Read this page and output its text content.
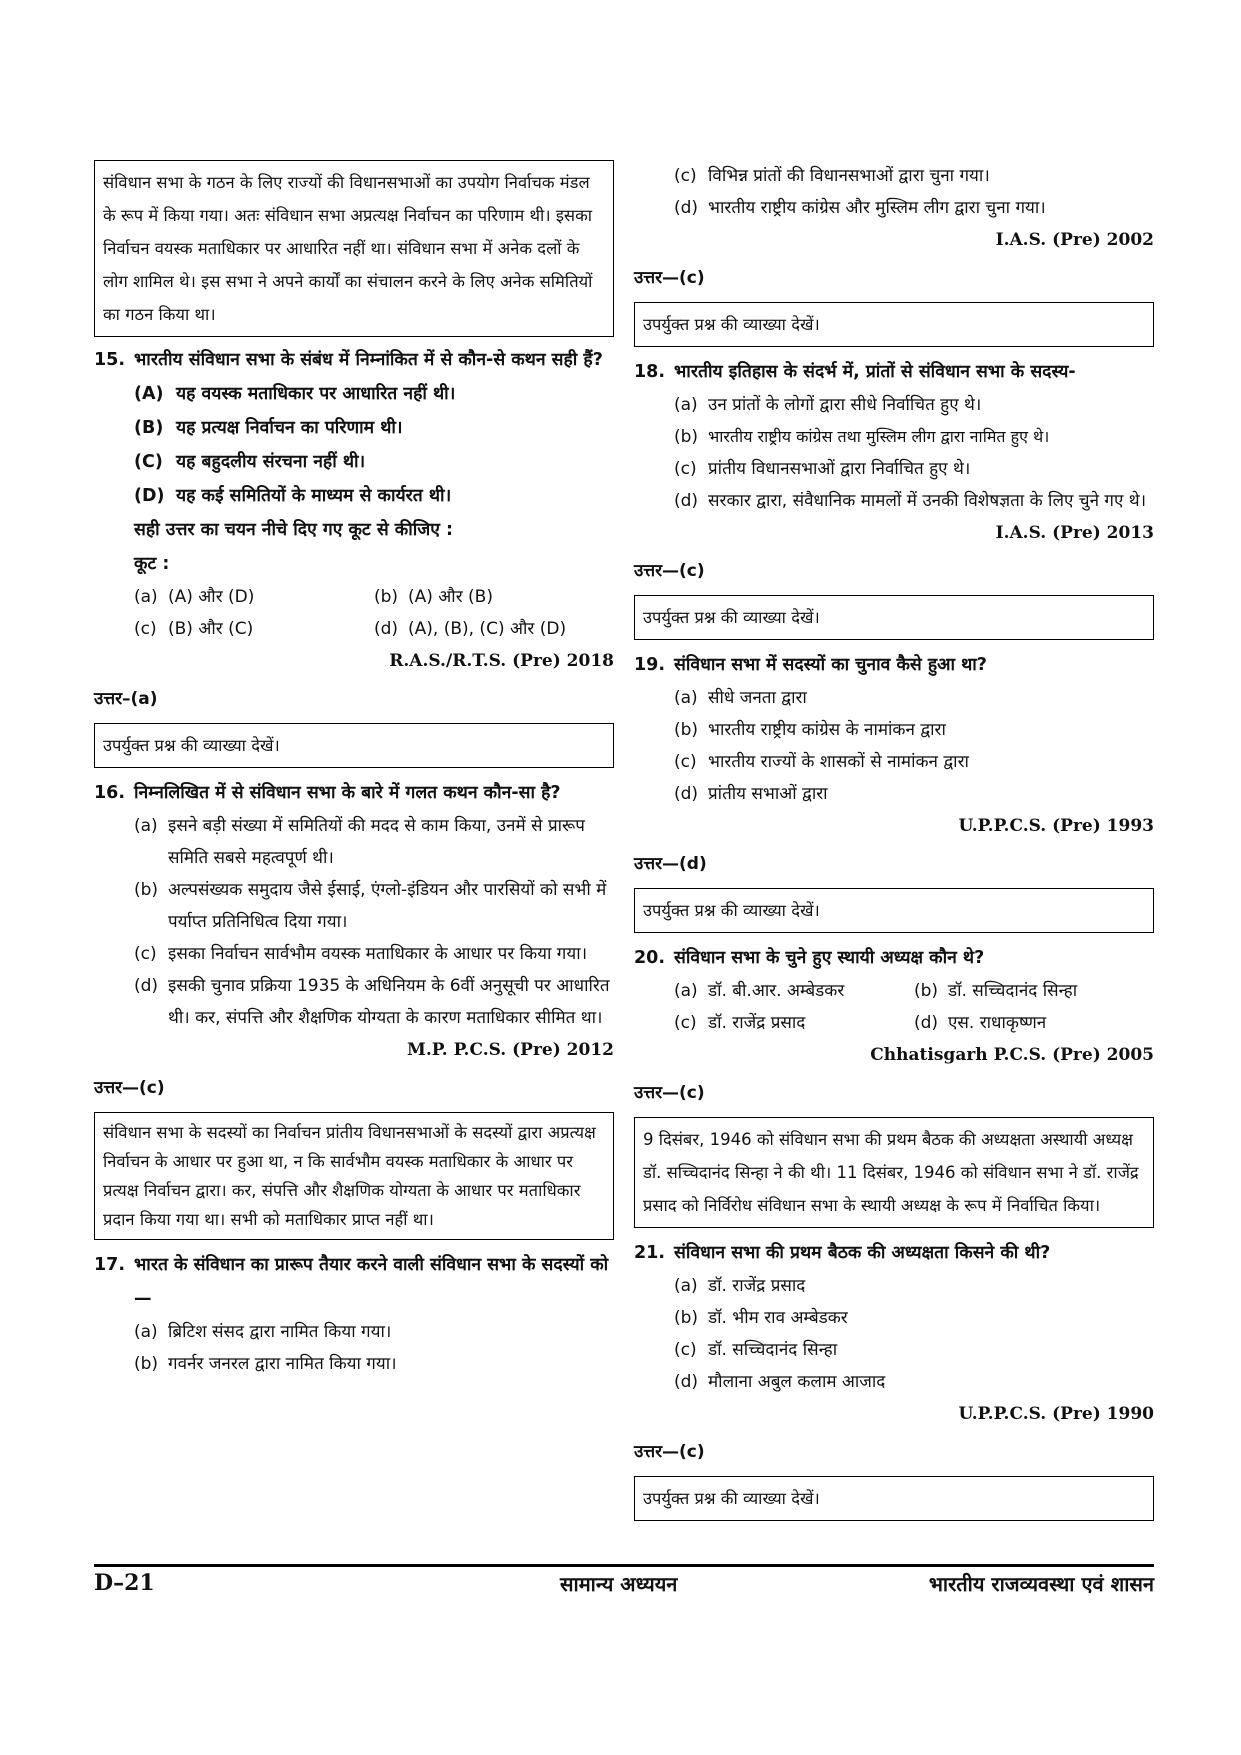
संविधान सभा के गठन के लिए राज्यों की विधानसभाओं का उपयोग निर्वाचक मंडल के रूप में किया गया। अतः संविधान सभा अप्रत्यक्ष निर्वाचन का परिणाम थी। इसका निर्वाचन वयस्क मताधिकार पर आधारित नहीं था। संविधान सभा में अनेक दलों के लोग शामिल थे। इस सभा ने अपने कार्यों का संचालन करने के लिए अनेक समितियों का गठन किया था।
15. भारतीय संविधान सभा के संबंध में निम्नांकित में से कौन-से कथन सही हैं?
(A) यह वयस्क मताधिकार पर आधारित नहीं थी।
(B) यह प्रत्यक्ष निर्वाचन का परिणाम थी।
(C) यह बहुदलीय संरचना नहीं थी।
(D) यह कई समितियों के माध्यम से कार्यरत थी।
सही उत्तर का चयन नीचे दिए गए कूट से कीजिए :
कूट :
(a) (A) और (D)	(b) (A) और (B)
(c) (B) और (C)	(d) (A), (B), (C) और (D)
R.A.S./R.T.S. (Pre) 2018
उत्तर–(a)
उपर्युक्त प्रश्न की व्याख्या देखें।
16. निम्नलिखित में से संविधान सभा के बारे में गलत कथन कौन-सा है?
(a) इसने बड़ी संख्या में समितियों की मदद से काम किया, उनमें से प्रारूप समिति सबसे महत्वपूर्ण थी।
(b) अल्पसंख्यक समुदाय जैसे ईसाई, एंग्लो-इंडियन और पारसियों को सभी में पर्याप्त प्रतिनिधित्व दिया गया।
(c) इसका निर्वाचन सार्वभौम वयस्क मताधिकार के आधार पर किया गया।
(d) इसकी चुनाव प्रक्रिया 1935 के अधिनियम के 6वीं अनुसूची पर आधारित थी। कर, संपत्ति और शैक्षणिक योग्यता के कारण मताधिकार सीमित था।
M.P. P.C.S. (Pre) 2012
उत्तर—(c)
संविधान सभा के सदस्यों का निर्वाचन प्रांतीय विधानसभाओं के सदस्यों द्वारा अप्रत्यक्ष निर्वाचन के आधार पर हुआ था, न कि सार्वभौम वयस्क मताधिकार के आधार पर प्रत्यक्ष निर्वाचन द्वारा। कर, संपत्ति और शैक्षणिक योग्यता के आधार पर मताधिकार प्रदान किया गया था। सभी को मताधिकार प्राप्त नहीं था।
17. भारत के संविधान का प्रारूप तैयार करने वाली संविधान सभा के सदस्यों को—
(a) ब्रिटिश संसद द्वारा नामित किया गया।
(b) गवर्नर जनरल द्वारा नामित किया गया।
(c) विभिन्न प्रांतों की विधानसभाओं द्वारा चुना गया।
(d) भारतीय राष्ट्रीय कांग्रेस और मुस्लिम लीग द्वारा चुना गया।
I.A.S. (Pre) 2002
उत्तर—(c)
उपर्युक्त प्रश्न की व्याख्या देखें।
18. भारतीय इतिहास के संदर्भ में, प्रांतों से संविधान सभा के सदस्य-
(a) उन प्रांतों के लोगों द्वारा सीधे निर्वाचित हुए थे।
(b) भारतीय राष्ट्रीय कांग्रेस तथा मुस्लिम लीग द्वारा नामित हुए थे।
(c) प्रांतीय विधानसभाओं द्वारा निर्वाचित हुए थे।
(d) सरकार द्वारा, संवैधानिक मामलों में उनकी विशेषज्ञता के लिए चुने गए थे।
I.A.S. (Pre) 2013
उत्तर—(c)
उपर्युक्त प्रश्न की व्याख्या देखें।
19. संविधान सभा में सदस्यों का चुनाव कैसे हुआ था?
(a) सीधे जनता द्वारा
(b) भारतीय राष्ट्रीय कांग्रेस के नामांकन द्वारा
(c) भारतीय राज्यों के शासकों से नामांकन द्वारा
(d) प्रांतीय सभाओं द्वारा
U.P.P.C.S. (Pre) 1993
उत्तर—(d)
उपर्युक्त प्रश्न की व्याख्या देखें।
20. संविधान सभा के चुने हुए स्थायी अध्यक्ष कौन थे?
(a) डॉ. बी.आर. अम्बेडकर	(b) डॉ. सच्चिदानंद सिन्हा
(c) डॉ. राजेंद्र प्रसाद	(d) एस. राधाकृष्णन
Chhatisgarh P.C.S. (Pre) 2005
उत्तर—(c)
9 दिसंबर, 1946 को संविधान सभा की प्रथम बैठक की अध्यक्षता अस्थायी अध्यक्ष डॉ. सच्चिदानंद सिन्हा ने की थी। 11 दिसंबर, 1946 को संविधान सभा ने डॉ. राजेंद्र प्रसाद को निर्विरोध संविधान सभा के स्थायी अध्यक्ष के रूप में निर्वाचित किया।
21. संविधान सभा की प्रथम बैठक की अध्यक्षता किसने की थी?
(a) डॉ. राजेंद्र प्रसाद
(b) डॉ. भीम राव अम्बेडकर
(c) डॉ. सच्चिदानंद सिन्हा
(d) मौलाना अबुल कलाम आजाद
U.P.P.C.S. (Pre) 1990
उत्तर—(c)
उपर्युक्त प्रश्न की व्याख्या देखें।
D–21	सामान्य अध्ययन	भारतीय राजव्यवस्था एवं शासन
